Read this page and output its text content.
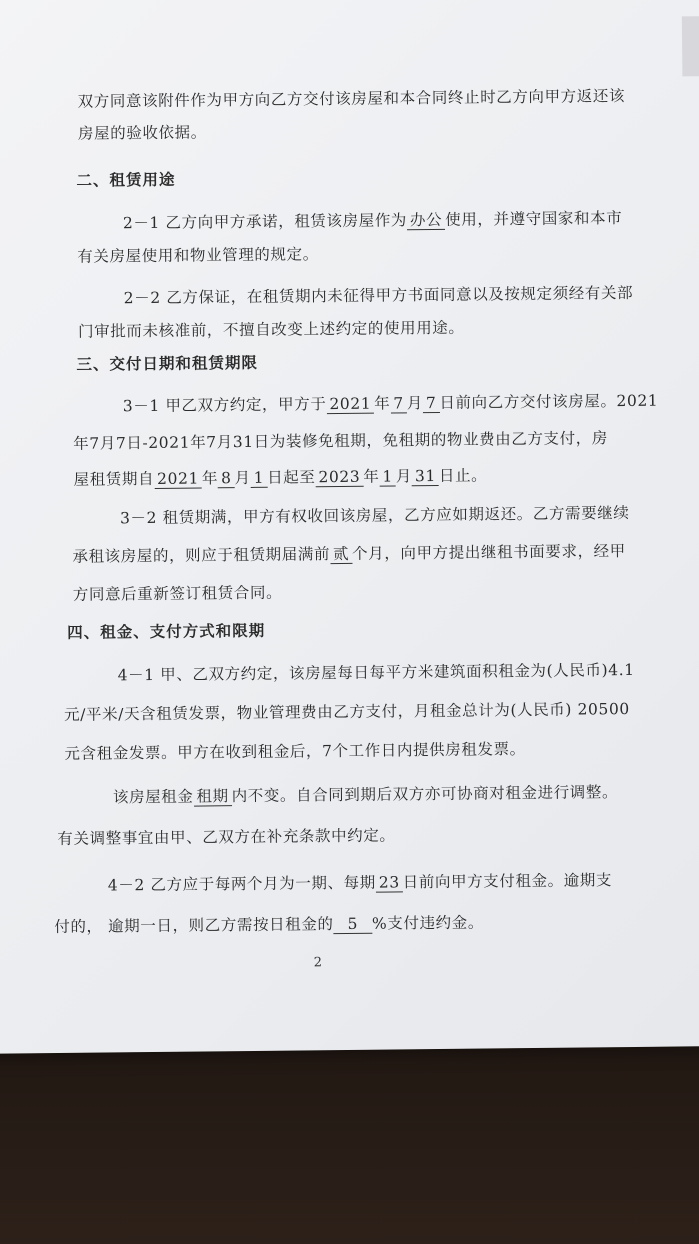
双方同意该附件作为甲方向乙方交付该房屋和本合同终止时乙方向甲方返还该
房屋的验收依据。
二、租赁用途
2－1 乙方向甲方承诺，租赁该房屋作为 办公 使用，并遵守国家和本市
有关房屋使用和物业管理的规定。
2－2 乙方保证，在租赁期内未征得甲方书面同意以及按规定须经有关部
门审批而未核准前，不擅自改变上述约定的使用用途。
三、交付日期和租赁期限
3－1 甲乙双方约定，甲方于 2021 年 7 月 7 日前向乙方交付该房屋。2021
年7月7日-2021年7月31日为装修免租期，免租期的物业费由乙方支付，房
屋租赁期自 2021 年 8 月 1 日起至 2023 年 1 月 31 日止。
3－2 租赁期满，甲方有权收回该房屋，乙方应如期返还。乙方需要继续
承租该房屋的，则应于租赁期届满前 贰 个月，向甲方提出继租书面要求，经甲
方同意后重新签订租赁合同。
四、租金、支付方式和限期
4－1 甲、乙双方约定，该房屋每日每平方米建筑面积租金为(人民币)4.1
元/平米/天含租赁发票，物业管理费由乙方支付，月租金总计为(人民币) 20500
元含租金发票。甲方在收到租金后，7个工作日内提供房租发票。
该房屋租金 租期 内不变。自合同到期后双方亦可协商对租金进行调整。
有关调整事宜由甲、乙双方在补充条款中约定。
4－2 乙方应于每两个月为一期、每期 23 日前向甲方支付租金。逾期支
付的， 逾期一日，则乙方需按日租金的 5 %支付违约金。
2
